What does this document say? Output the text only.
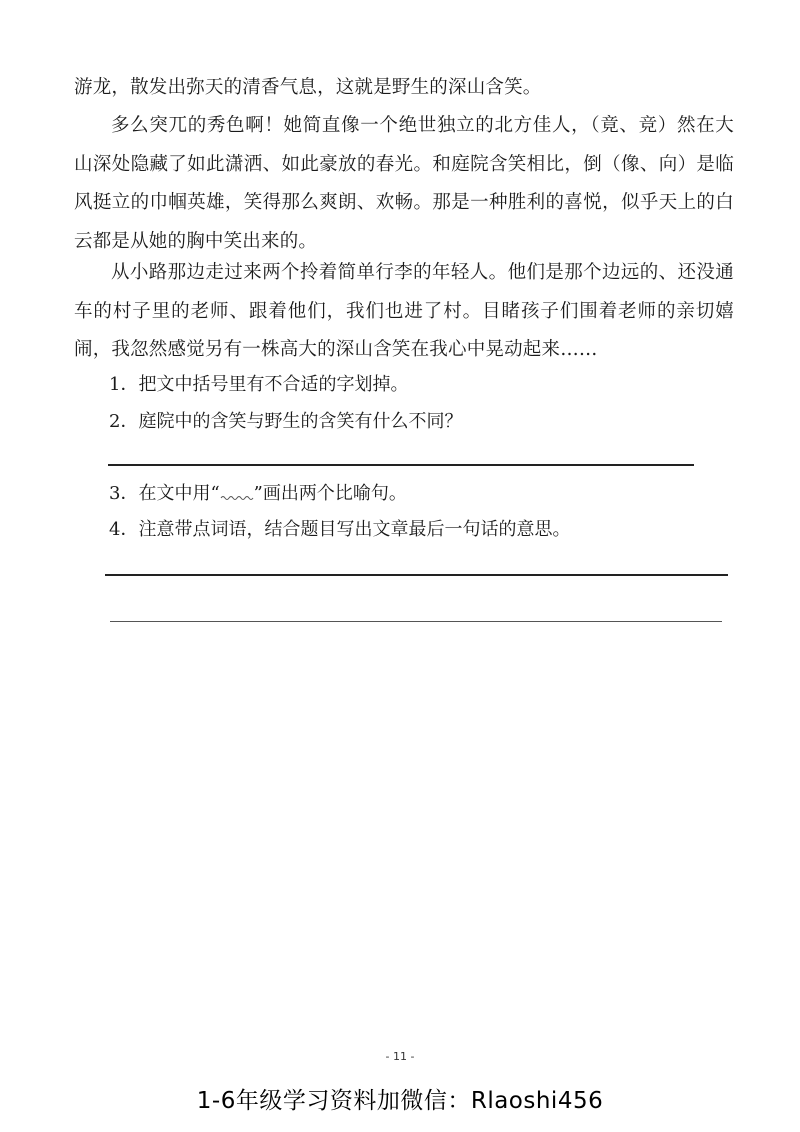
游龙，散发出弥天的清香气息，这就是野生的深山含笑。

多么突兀的秀色啊！她简直像一个绝世独立的北方佳人，（竟、竞）然在大山深处隐藏了如此潇洒、如此豪放的春光。和庭院含笑相比，倒（像、向）是临风挺立的巾帼英雄，笑得那么爽朗、欢畅。那是一种胜利的喜悦，似乎天上的白云都是从她的胸中笑出来的。

从小路那边走过来两个拎着简单行李的年轻人。他们是那个边远的、还没通车的村子里的老师、跟着他们，我们也进了村。目睹孩子们围着老师的亲切嬉闹，我忽然感觉另有一株高大的深山含笑在我心中晃动起来……

1．把文中括号里有不合适的字划掉。

2．庭院中的含笑与野生的含笑有什么不同？

3．在文中用“ ”画出两个比喻句。

4．注意带点词语，结合题目写出文章最后一句话的意思。

- 11 -
1-6年级学习资料加微信：Rlaoshi456
